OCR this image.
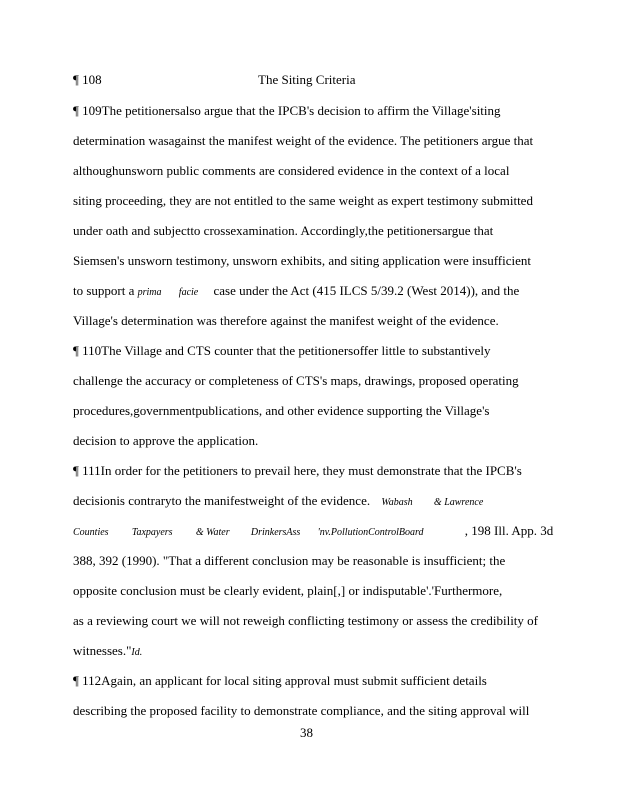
¶ 108	The Siting Criteria
¶ 109The petitionersalso argue that the IPCB's decision to affirm the Village'siting
determination wasagainst the manifest weight of the evidence. The petitioners argue that
althoughunsworn public comments are considered evidence in the context of a local
siting proceeding, they are not entitled to the same weight as expert testimony submitted
under oath and subjectto crossexamination. Accordingly,the petitionersargue that
Siemsen's unsworn testimony, unsworn exhibits, and siting application were insufficient
to support a prima facie case under the Act (415 ILCS 5/39.2 (West 2014)), and the
Village's determination was therefore against the manifest weight of the evidence.
¶ 110The Village and CTS counter that the petitionersoffer little to substantively
challenge the accuracy or completeness of CTS's maps, drawings, proposed operating
procedures,governmentpublications, and other evidence supporting the Village's
decision to approve the application.
¶ 111In order for the petitioners to prevail here, they must demonstrate that the IPCB's
decisionis contraryto the manifestweight of the evidence. Wabash & Lawrence
Counties Taxpayers & Water DrinkersAss 'nv.PollutionControlBoard	, 198 Ill. App. 3d
388, 392 (1990). "That a different conclusion may be reasonable is insufficient; the
opposite conclusion must be clearly evident, plain[,] or indisputable'.'Furthermore,
as a reviewing court we will not reweigh conflicting testimony or assess the credibility of
witnesses."Id.
¶ 112Again, an applicant for local siting approval must submit sufficient details
describing the proposed facility to demonstrate compliance, and the siting approval will
38
